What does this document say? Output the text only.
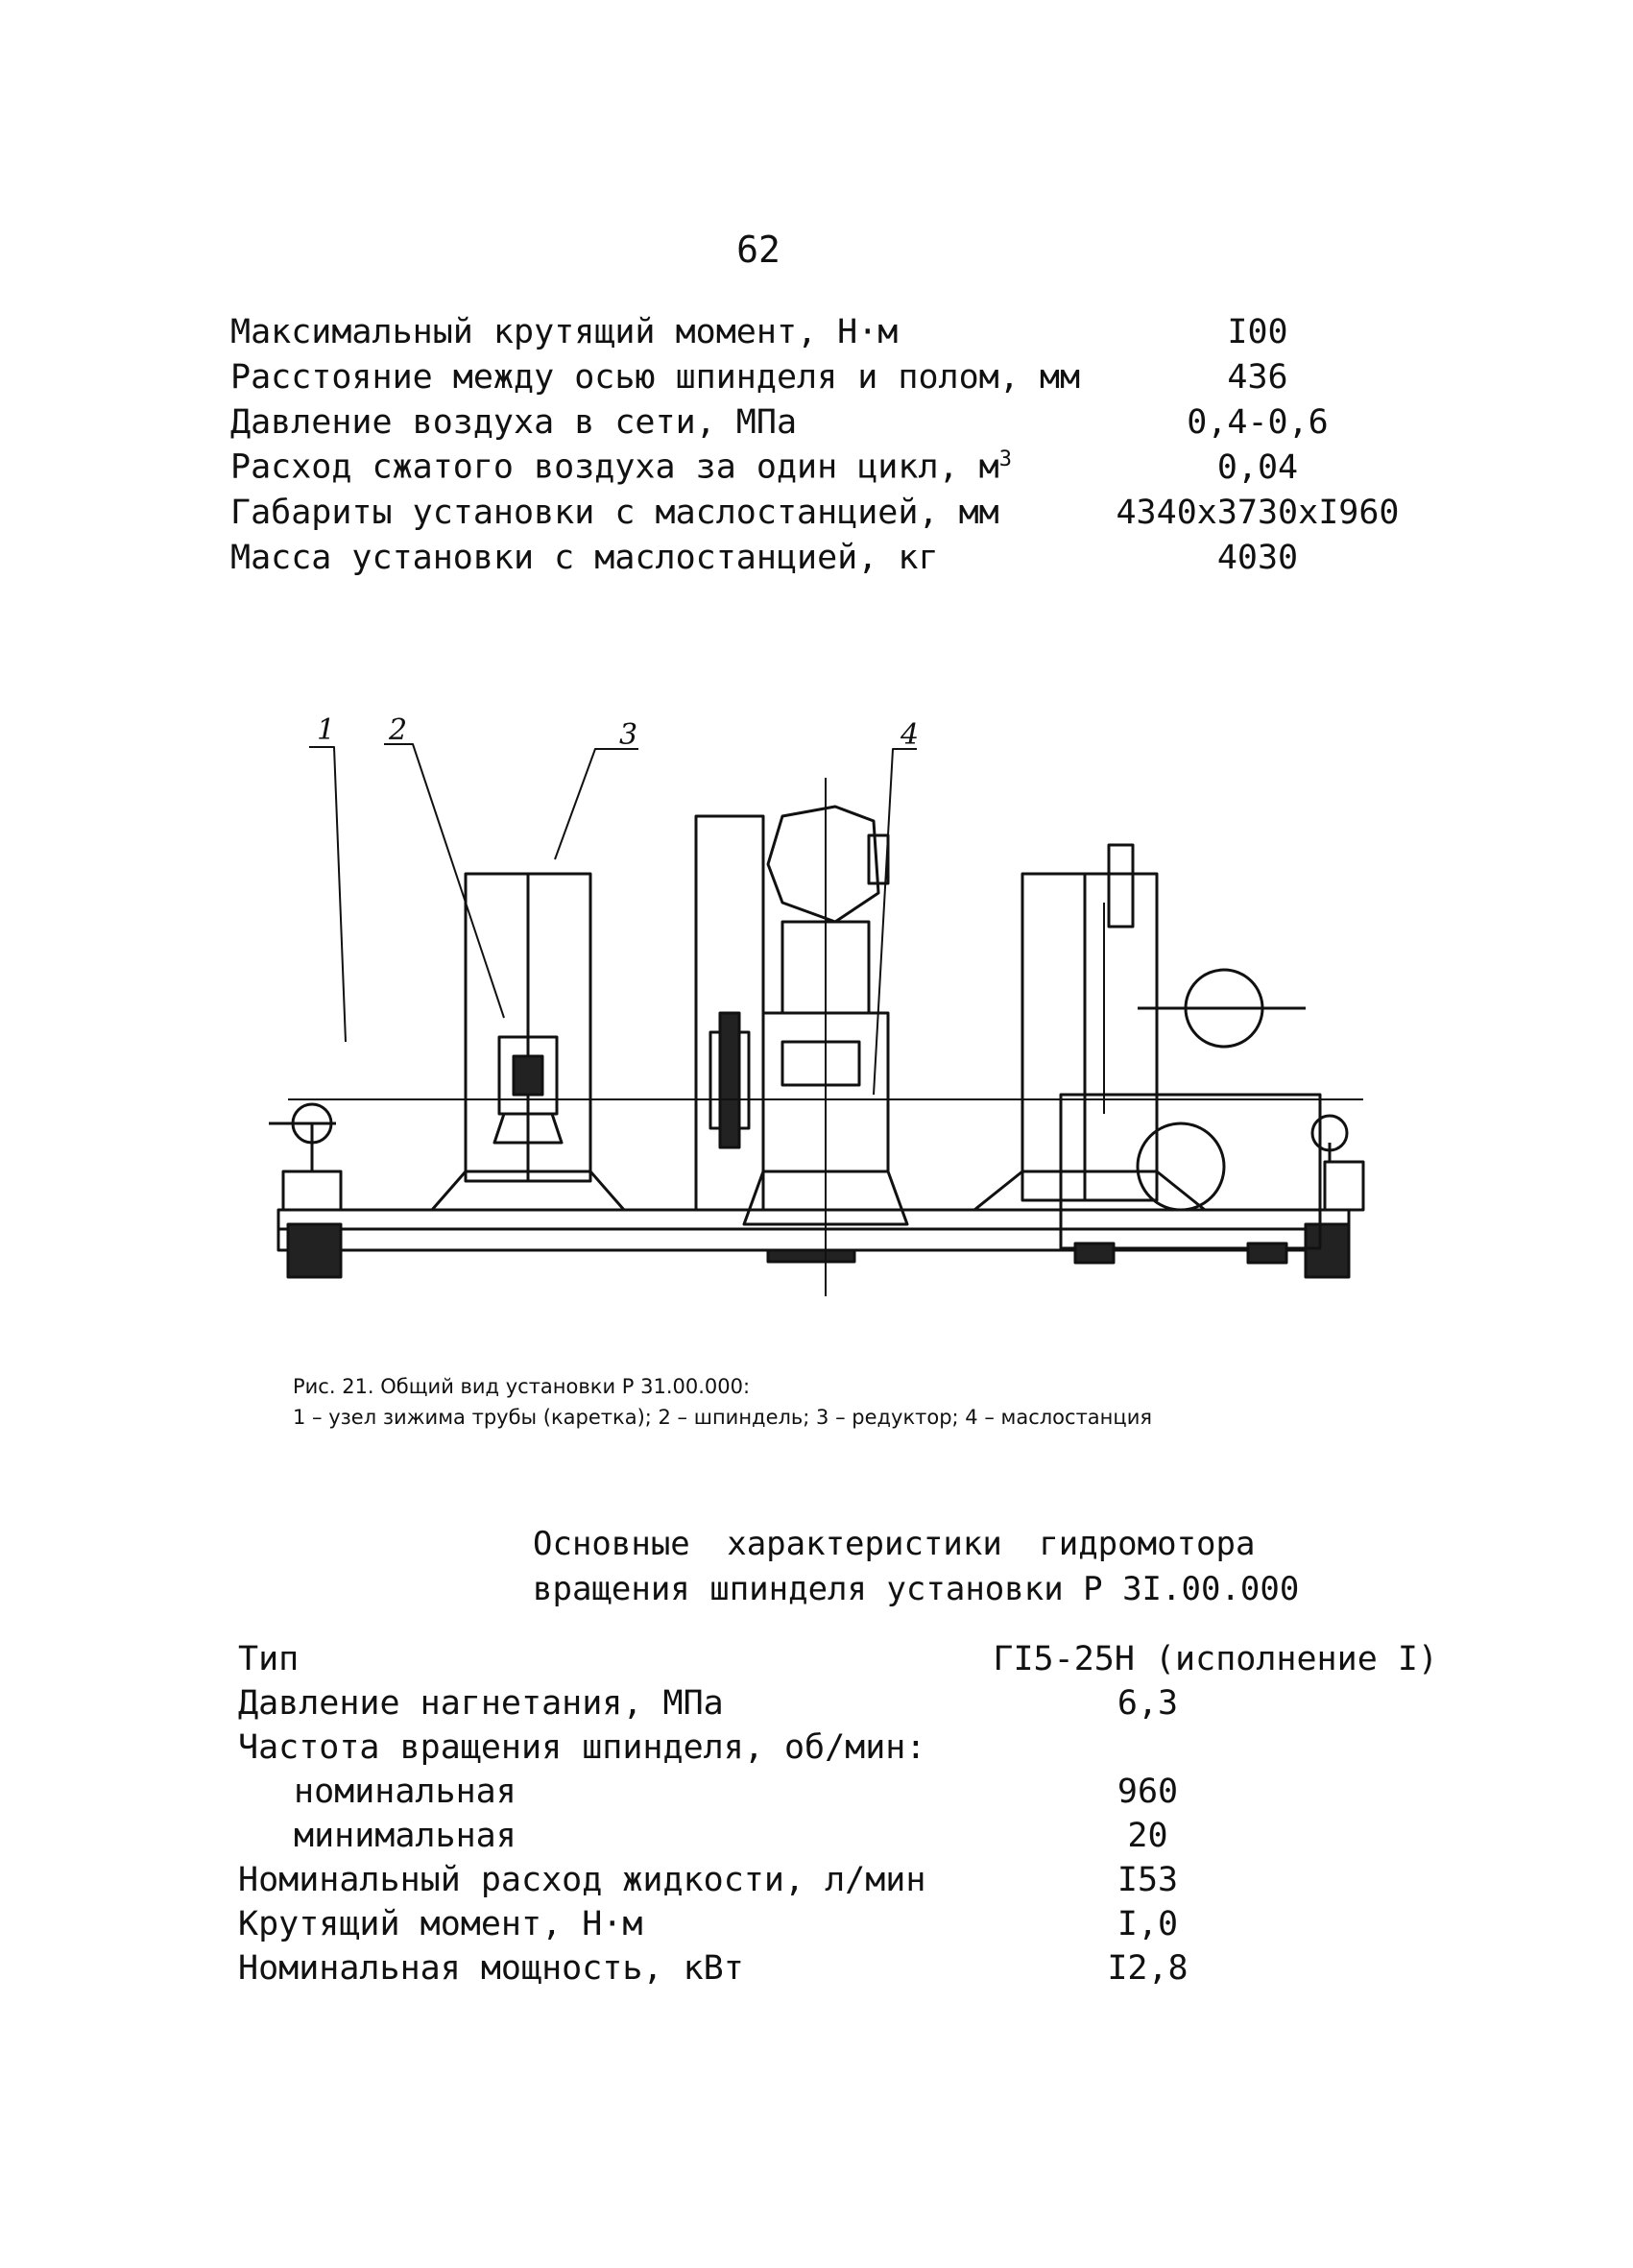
62
Максимальный крутящий момент, Н·м	I00
Расстояние между осью шпинделя и полом, мм	436
Давление воздуха в сети, МПа	0,4-0,6
Расход сжатого воздуха за один цикл, $м^3$	0,04
Габариты установки с маслостанцией, мм	4340x3730xI960
Масса установки с маслостанцией, кг	4030
1 2	3	4
Рис. 21. Общий вид установки Р 31.00.000:
1 – узел зижима трубы (каретка); 2 – шпиндель; 3 – редуктор; 4 – маслостанция
Основные характеристики гидромотора
вращения шпинделя установки Р 3I.00.000
Тип	ГI5-25Н (исполнение I)
Давление нагнетания, МПа	6,3
Частота вращения шпинделя, об/мин:
номинальная	960
минимальная	20
Номинальный расход жидкости, л/мин	I53
Крутящий момент, Н·м	I,0
Номинальная мощность, кВт	I2,8
